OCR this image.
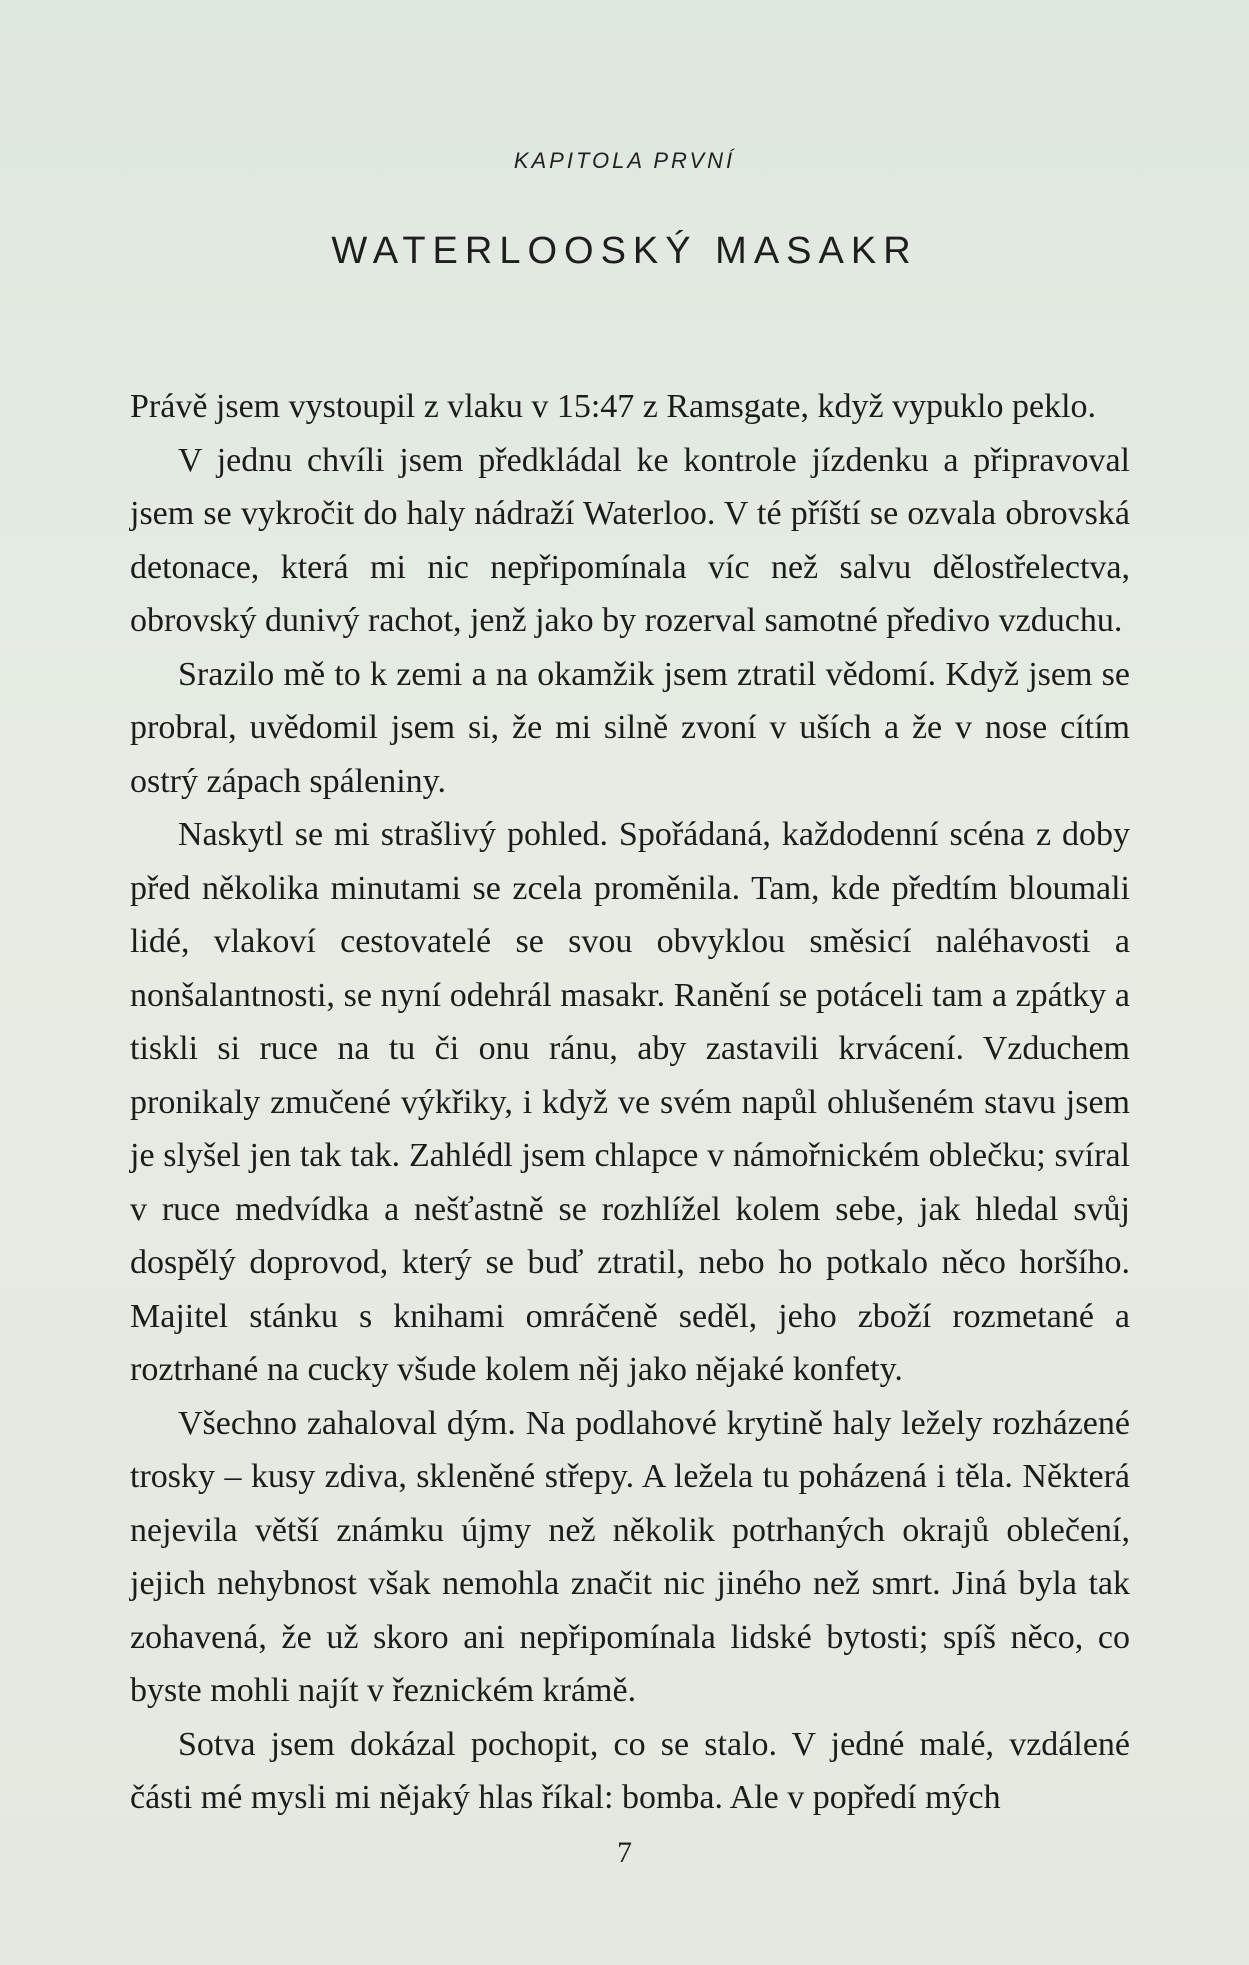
KAPITOLA PRVNÍ
WATERLOOSKÝ MASAKR

Právě jsem vystoupil z vlaku v 15:47 z Ramsgate, když vypuklo peklo.

V jednu chvíli jsem předkládal ke kontrole jízdenku a připravoval jsem se vykročit do haly nádraží Waterloo. V té příští se ozvala obrovská detonace, která mi nic nepřipomínala víc než salvu dělostřelectva, obrovský dunivý rachot, jenž jako by rozerval samotné předivo vzduchu.

Srazilo mě to k zemi a na okamžik jsem ztratil vědomí. Když jsem se probral, uvědomil jsem si, že mi silně zvoní v uších a že v nose cítím ostrý zápach spáleniny.

Naskytl se mi strašlivý pohled. Spořádaná, každodenní scéna z doby před několika minutami se zcela proměnila. Tam, kde předtím bloumali lidé, vlakoví cestovatelé se svou obvyklou směsicí naléhavosti a nonšalantnosti, se nyní odehrál masakr. Ranění se potáceli tam a zpátky a tiskli si ruce na tu či onu ránu, aby zastavili krvácení. Vzduchem pronikaly zmučené výkřiky, i když ve svém napůl ohlušeném stavu jsem je slyšel jen tak tak. Zahlédl jsem chlapce v námořnickém oblečku; svíral v ruce medvídka a nešťastně se rozhlížel kolem sebe, jak hledal svůj dospělý doprovod, který se buď ztratil, nebo ho potkalo něco horšího. Majitel stánku s knihami omráčeně seděl, jeho zboží rozmetané a roztrhané na cucky všude kolem něj jako nějaké konfety.

Všechno zahaloval dým. Na podlahové krytině haly ležely rozházené trosky – kusy zdiva, skleněné střepy. A ležela tu poházená i těla. Některá nejevila větší známku újmy než několik potrhaných okrajů oblečení, jejich nehybnost však nemohla značit nic jiného než smrt. Jiná byla tak zohavená, že už skoro ani nepřipomínala lidské bytosti; spíš něco, co byste mohli najít v řeznickém krámě.

Sotva jsem dokázal pochopit, co se stalo. V jedné malé, vzdálené části mé mysli mi nějaký hlas říkal: bomba. Ale v popředí mých

7
